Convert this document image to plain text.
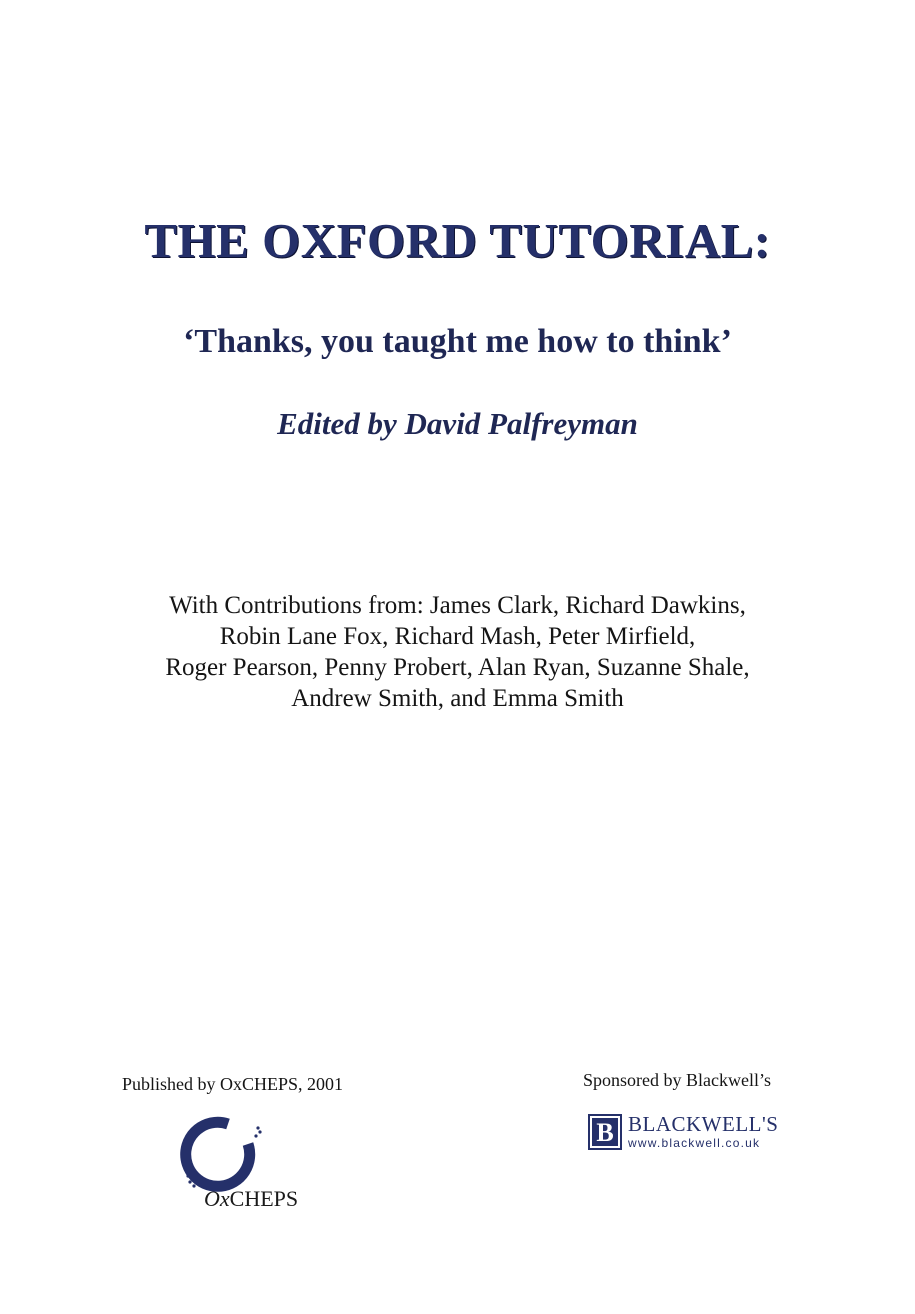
THE OXFORD TUTORIAL:
‘Thanks, you taught me how to think’
Edited by David Palfreyman
With Contributions from: James Clark, Richard Dawkins,
Robin Lane Fox, Richard Mash, Peter Mirfield,
Roger Pearson, Penny Probert, Alan Ryan, Suzanne Shale,
Andrew Smith, and Emma Smith
Published by OxCHEPS, 2001	Sponsored by Blackwell’s
OxCHEPS
B BLACKWELL'S
www.blackwell.co.uk
